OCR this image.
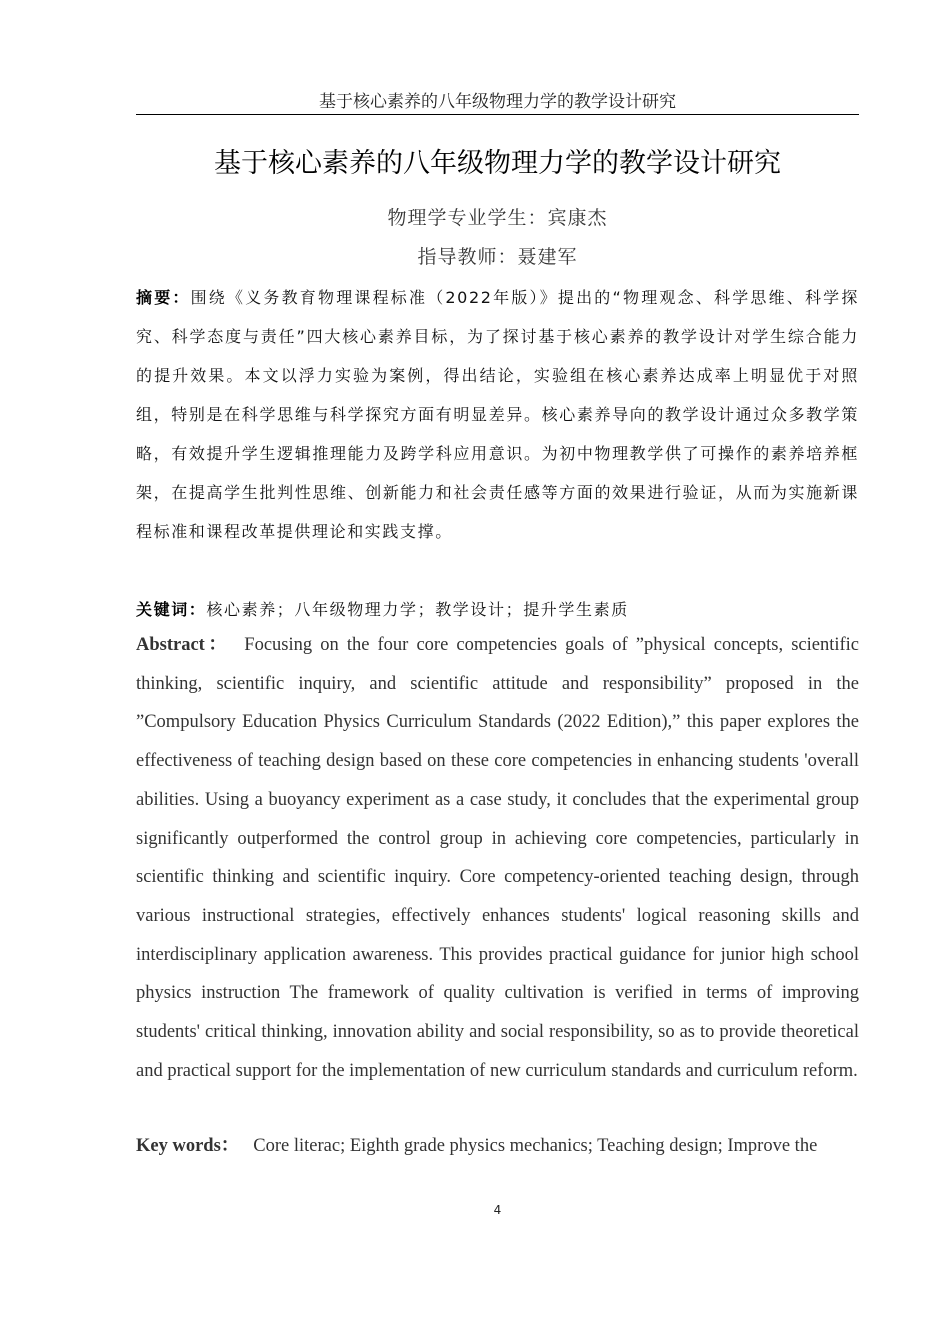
基于核心素养的八年级物理力学的教学设计研究
基于核心素养的八年级物理力学的教学设计研究
物理学专业学生：宾康杰
指导教师：聂建军
摘要：围绕《义务教育物理课程标准（2022年版）》提出的“物理观念、科学思维、科学探究、科学态度与责任”四大核心素养目标，为了探讨基于核心素养的教学设计对学生综合能力的提升效果。本文以浮力实验为案例，得出结论，实验组在核心素养达成率上明显优于对照组，特别是在科学思维与科学探究方面有明显差异。核心素养导向的教学设计通过众多教学策略，有效提升学生逻辑推理能力及跨学科应用意识。为初中物理教学供了可操作的素养培养框架，在提高学生批判性思维、创新能力和社会责任感等方面的效果进行验证，从而为实施新课程标准和课程改革提供理论和实践支撑。
关键词：核心素养；八年级物理力学；教学设计；提升学生素质
Abstract： Focusing on the four core competencies goals of ”physical concepts, scientific thinking, scientific inquiry, and scientific attitude and responsibility” proposed in the ”Compulsory Education Physics Curriculum Standards (2022 Edition),” this paper explores the effectiveness of teaching design based on these core competencies in enhancing students 'overall abilities. Using a buoyancy experiment as a case study, it concludes that the experimental group significantly outperformed the control group in achieving core competencies, particularly in scientific thinking and scientific inquiry. Core competency-oriented teaching design, through various instructional strategies, effectively enhances students' logical reasoning skills and interdisciplinary application awareness. This provides practical guidance for junior high school physics instruction The framework of quality cultivation is verified in terms of improving students' critical thinking, innovation ability and social responsibility, so as to provide theoretical and practical support for the implementation of new curriculum standards and curriculum reform.
Key words： Core literac; Eighth grade physics mechanics; Teaching design; Improve the
4
